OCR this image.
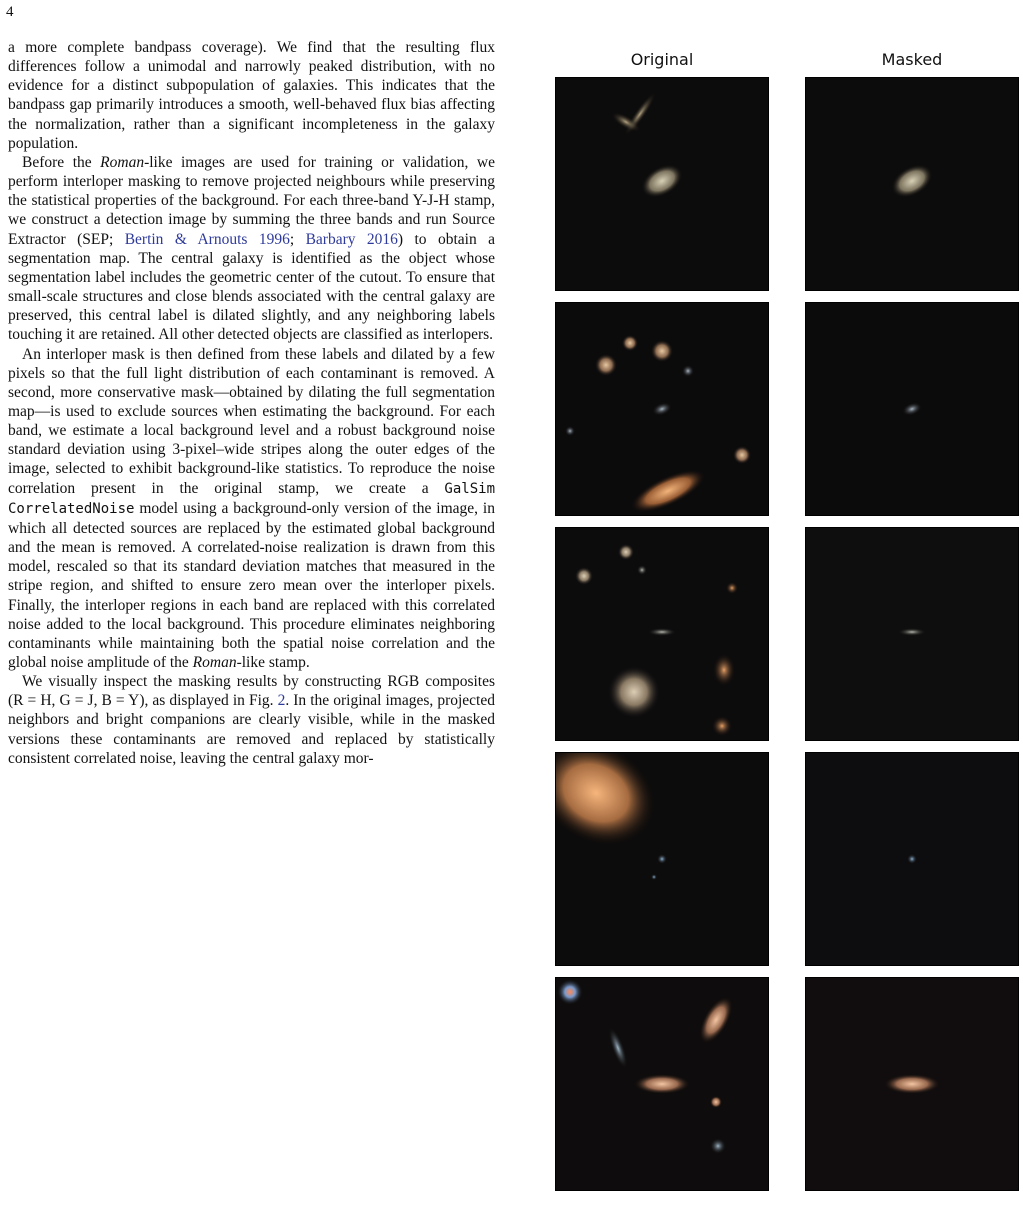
4

a more complete bandpass coverage). We find that the resulting flux differences follow a unimodal and narrowly peaked distribution, with no evidence for a distinct subpopulation of galaxies. This indicates that the bandpass gap primarily introduces a smooth, well-behaved flux bias affecting the normalization, rather than a significant incompleteness in the galaxy population.

Before the Roman-like images are used for training or validation, we perform interloper masking to remove projected neighbours while preserving the statistical properties of the background. For each three-band Y-J-H stamp, we construct a detection image by summing the three bands and run Source Extractor (SEP; Bertin & Arnouts 1996; Barbary 2016) to obtain a segmentation map. The central galaxy is identified as the object whose segmentation label includes the geometric center of the cutout. To ensure that small-scale structures and close blends associated with the central galaxy are preserved, this central label is dilated slightly, and any neighboring labels touching it are retained. All other detected objects are classified as interlopers.

An interloper mask is then defined from these labels and dilated by a few pixels so that the full light distribution of each contaminant is removed. A second, more conservative mask—obtained by dilating the full segmentation map—is used to exclude sources when estimating the background. For each band, we estimate a local background level and a robust background noise standard deviation using 3-pixel–wide stripes along the outer edges of the image, selected to exhibit background-like statistics. To reproduce the noise correlation present in the original stamp, we create a GalSim CorrelatedNoise model using a background-only version of the image, in which all detected sources are replaced by the estimated global background and the mean is removed. A correlated-noise realization is drawn from this model, rescaled so that its standard deviation matches that measured in the stripe region, and shifted to ensure zero mean over the interloper pixels. Finally, the interloper regions in each band are replaced with this correlated noise added to the local background. This procedure eliminates neighboring contaminants while maintaining both the spatial noise correlation and the global noise amplitude of the Roman-like stamp.

We visually inspect the masking results by constructing RGB composites (R = H, G = J, B = Y), as displayed in Fig. 2. In the original images, projected neighbors and bright companions are clearly visible, while in the masked versions these contaminants are removed and replaced by statistically consistent correlated noise, leaving the central galaxy mor-

Original	Masked
